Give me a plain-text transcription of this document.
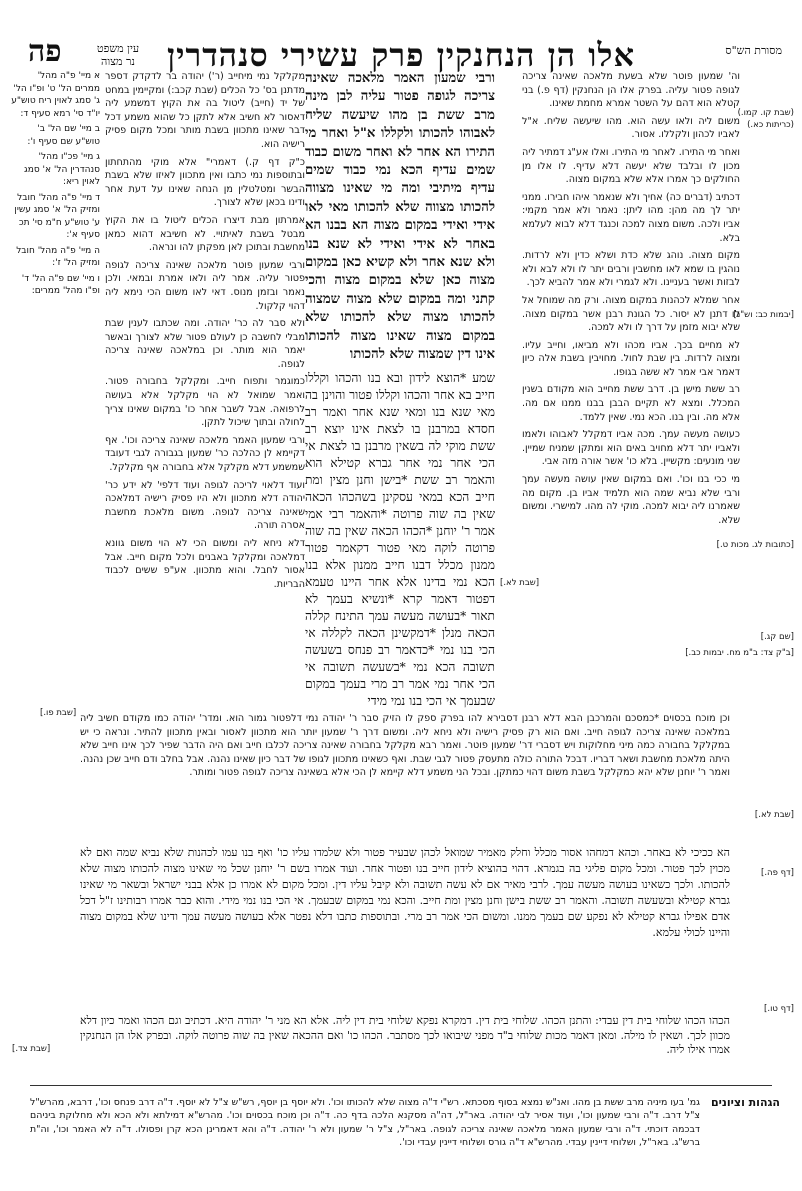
מסורת הש"ס
אלו הן הנחנקין פרק עשירי סנהדרין
פה	עין משפט
נר מצוה
(שבת קו. קמו.)
(כריתות כא.)
[יבמות כב: וש"נ]
[שם קג.]
[ב"ק צד: ב"מ מח. יבמות כב.]
[כתובות לג. מכות ט.]
[שבת לא.]
[דף פה.]
[דף טו.]
[שבת לא.]
[שבת פו.]
[שבת צד.]

וה' שמעון פוטר שלא בשעת מלאכה שאינה צריכה לגופה פטור עליה. בפרק אלו הן הנחנקין (דף פ.) בני קטלא הוא דהם על השטר אמרא מחמת שאינו.

משום ליה ולאו עשה הוא. מהו שיעשה שליח. א"ל לאביו לכהון ולקללו. אסור.

ואחר מי התירו. לאחר מי התירו. ואלו אע"ג דמתיר ליה מכון לו ובלבד שלא יעשה דלא עדיף. לו אלו מן החולקים כך אמרו אלא שלא במקום מצוה.

דכתיב (דברים כה) אחיך ולא שנאמר איהו חבירו. ממני יתר לך מה מהן: מהו ליתן: נאמר ולא אמר מקמי: אביו ולכה. משום מצוה למכה וכנגד דלא לבוא לעלמא בלא.

מקום מצוה. נוהג שלא כדת ושלא כדין ולא לרדות. נוהגין בו שמא לאו מחשבין ורבים יתר לו ולא לבא ולא לבזות ואשר בעניינו. ולא לגמרי ולא אמר להביא לכך.

אחר שמלא לכהנות במקום מצוה. ורק מה שמוחל אל לו דתנן לא יסור. כל הגונת רבנן אשר במקום מצוה. שלא יבוא מזמן על דרך לו ולא למכה.

לא מחיים בכך. אביו מכהו ולא מביאו, וחייב עליו. ומצוה לרדות. בין שבת לחול. מחויבין בשבת אלה כיון דאמר אבי אמר לא ששה בגופו.

רב ששת מישן בן. דרב ששת מחייב הוא מקודם בשנין המכלל. ומצא לא תקיים הבבן בבנו ממנו אם מה. אלא מה. ובין בנו. הכא נמי. שאין ללמד.

כעושה מעשה עמך. מכה אביו דמקלל לאבוהו ולאמו ולאביו יתר דלא מחויב באים הוא ומתקן שמניח שמיין. שני מונעים: מקשיין. בלא כו' אשר אורה מזה אבי.

מי ככי בנו וכו'. ואם במקום שאין עושה מעשה עמך ורבי שלא נביא שמה הוא תלמיד אביו בן. מקום מה שאמרנו ליה יבוא למכה. מוקי לה מהו. למישרי. ומשום שלא.

ורבי שמעון האמר מלאכה שאינה צריכה לגופה פטור עליה לבן מינה מרב ששת בן מהו שיעשה שליח לאבוהו להכותו ולקללו א"ל ואחר מי התירו הא אחר לא ואחר משום כבוד שמים עדיף הכא נמי כבוד שמים עדיף מיתיבי ומה מי שאינו מצווה להכותו מצווה שלא להכותו מאי לאו אידי ואידי במקום מצוה הא בבנו הא באחר לא אידי ואידי לא שנא בנו ולא שנא אחר ולא קשיא כאן במקום מצוה כאן שלא במקום מצוה והכי קתני ומה במקום שלא מצוה שמצוה להכותו מצוה שלא להכותו שלא במקום מצוה שאינו מצוה להכותו אינו דין שמצוה שלא להכותו
שמע *הוצא לידון ובא בנו והכהו וקללו חייב בא אחר והכהו וקללו פטור והוינן בה מאי שנא בנו ומאי שנא אחר ואמר רב חסדא במרבנן בו לצאת אינו יוצא רב ששת מוקי לה בשאין מרבנן בו לצאת אי הכי אחר נמי אחר גברא קטילא הוא והאמר רב ששת *בישן וחנן מצין ומת חייב הכא במאי עסקינן בשהכהו הכאה שאין בה שוה פרוטה *והאמר רבי אמי אמר ר' יוחנן *הכהו הכאה שאין בה שוה פרוטה לוקה מאי פטור דקאמר פטור ממנון מכלל דבנו חייב ממנון אלא בנו הכא נמי בדינו אלא אחר היינו טעמא דפטור דאמר קרא *ונשיא בעמך לא תאור *בעושה מעשה עמך התינח קללה הכאה מנלן *דמקשינן הכאה לקללה אי הכי בנו נמי *כדאמר רב פנחס בשעשה תשובה הכא נמי *בשעשה תשובה אי הכי אחר נמי אמר רב מרי בעמך במקום שבעמך אי הכי בנו נמי מידי

מקלקל נמי מיחייב (ר') יהודה בר לדקדק דספר מדתנן בס' כל הכלים (שבת קכב:) ומקיימין במחט של יד (חייב) ליטול בה את הקוץ דמשמע ליה דאסור לא חשיב אלא לתקן כל שהוא משמע דכל דבר שאינו מתכוון בשבת מותר ומכל מקום פסיק רישיה הוא.

כ"ק דף ק.) דאמרי" אלא מוקי מהתחתון ובתוספות נמי כתבו ואין מתכוון לאיזו שלא בשבת הבשר ומטלטלין מן הנחה שאינו על דעת אחר ודינו בכאן שלא לצורך.

אמרתון מבת דיצרו הכלים ליטול בו את הקוץ מבטל בשבת לאיתויי. לא חשיבא דהוא כמאן מחשבת ובתוכן לאן מפקתן להו ונראה.

ורבי שמעון פוטר מלאכה שאינה צריכה לגופה פטור עליה. אמר ליה ולאו אמרת ובמאי. ולכן נאמר ובזמן מנוס. דאי לאו משום הכי נימא ליה דהוי קלקול.

ולא סבר לה כר' יהודה. ומה שכתבו לענין שבת מבלי לחשבה כן לעולם פטור שלא לצורך ובאשר יאמר הוא מותר. וכן במלאכה שאינה צריכה לגופה.

כמוגמר ותפוח חייב. ומקלקל בחבורה פטור. ואמר שמואל לא הוי מקלקל אלא בעושה לרפואה. אבל לשבר אחר כו' במקום שאינו צריך לחולה ובתוך שיכול לתקן.

ורבי שמעון האמר מלאכה שאינה צריכה וכו'. אף דקיימא לן כהלכה כר' שמעון בגבורה לגבי דעובד שמשמע דלא מקלקל אלא בחבורה אף מקלקל.

ועוד דלאוי לריכה לגופה ועוד דלפי' לא ידע כר' יהודה דלא מתכוון ולא היו פסיק רישיה דמלאכה שאינה צריכה לגופה. משום מלאכת מחשבת אסרה תורה.

דלא ניחא ליה ומשום הכי לא הוי משום גוונא דמלאכה ומקלקל באבנים ולכל מקום חייב. אבל אסור לחבל. והוא מתכוון. אע"פ ששים לכבוד הבריות.

א מיי' פ"ה מהל' ממרים הל' ט' ופ"ו הל' ג' סמג לאוין ריח טוש"ע יו"ד סי' רמא סעיף ד:

ב מיי' שם הל' ב' טוש"ע שם סעיף ו':

ג מיי' פכ"ו מהל' סנהדרין הל' א' סמג לאוין ריא:

ד מיי' פ"ה מהל' חובל ומזיק הל' א' סמג עשין ע' טוש"ע ח"מ סי' תכ סעיף א':

ה מיי' פ"ה מהל' חובל ומזיק הל' ז':

ו מיי' שם פ"ה הל' ד' ופ"ו מהל' ממרים:

וכן מוכח בכסוים *כמסכם והמרכבן הבא דלא רבנן דסבירא להו בפרק ספק לו הזיק סבר ר' יהודה נמי דלפטור גמור הוא. ומדר' יהודה כמו מקודם חשיב ליה במלאכה שאינה צריכה לגופה חייב. ואם הוא רק פסיק רישיה ולא ניחא ליה. ומשום דרך ר' שמעון יותר הוא מתכוון לאסור ובאין מתכוון להתיר. ונראה כי יש במקלקל בחבורה כמה מיני מחלוקות ויש דסברי דר' שמעון פוטר. ואמר רבא מקלקל בחבורה שאינה צריכה לכלבו חייב ואם היה הדבר שפיר לכך אינו חייב שלא היתה מלאכת מחשבת ושאר דבריו. דבכל התורה כולה מתעסק פטור לגבי שבת. ואף כשאינו מתכוון לגופו של דבר כיון שאינו נהנה. אבל בחלב ודם חייב שכן נהנה. ואמר ר' יוחנן שלא יהא כמקלקל בשבת משום דהוי כמתקן. ובכל הני משמע דלא קיימא לן הכי אלא בשאינה צריכה לגופה פטור ומותר.
הא ככיכי לא באחר. וכהא דמחהו אסור מכלל וחלק מאמיר שמואל לכהן שבעיר פטור ולא שלמדו עליו כו' ואף בנו עמו לכהנות שלא נביא שמה ואם לא מכוין לכך פטור. ומכל מקום פליגי בה בגמרא. דהוי בהוציא לידון חייב בנו ופטור אחר. ועוד אמרו בשם ר' יוחנן שכל מי שאינו מצוה להכותו מצוה שלא להכותו. ולכך כשאינו בעושה מעשה עמך. לרבי מאיר אם לא עשה תשובה ולא קיבל עליו דין. ומכל מקום לא אמרו כן אלא בבני ישראל ובשאר מי שאינו גברא קטילא ובשעשה תשובה. והאמר רב ששת בישן וחנן מצין ומת חייב. והכא נמי במקום שבעמך. אי הכי בנו נמי מידי. והוא כבר אמרו רבותינו ז"ל דכל אדם אפילו גברא קטילא לא נפקע שם בעמך ממנו. ומשום הכי אמר רב מרי. ובתוספות כתבו דלא נפטר אלא בעושה מעשה עמך ודינו שלא במקום מצוה והיינו לכולי עלמא.
הכהו הכהו שלוחי בית דין עבדי: והתנן הכהו. שלוחי בית דין. דמקרא נפקא שלוחי בית דין ליה. אלא הא מני ר' יהודה היא. דכתיב וגם הכהו ואמר כיון דלא מכוון לכך. ושאין לו מילה. ומאן דאמר מכות שלוחי ב"ד מפני שיבואו לכך מסתבר. הכהו כו' ואם ההכאה שאין בה שוה פרוטה לוקה. ובפרק אלו הן הנחנקין אמרו אילו ליה.
הגהות וציונים
גמ' בעו מיניה מרב ששת בן מהו. ואנ"ש נמצא בסוף מסכתא. רש"י ד"ה מצוה שלא להכותו וכו'. ולא יוסף בן יוסף, רש"ש צ"ל לא יוסף. ד"ה דרב פנחס וכו', דרבא, מהרש"ל צ"ל דרב. ד"ה ורבי שמעון וכו', ועוד אסיר לבי יהודה. באר"ל, דה"ה מסקנא הלכה בדף כה. ד"ה וכן מוכח בכסוים וכו'. מהרש"א דמילתא ולא הכא ולא מחלוקת ביניהם דבכמה דוכתי. ד"ה ורבי שמעון האמר מלאכה שאינה צריכה לגופה. באר"ל, צ"ל ר' שמעון ולא ר' יהודה. ד"ה והא דאמרינן הכא קרן ופסולו. ד"ה לא האמר וכו', וה"ת ברש"ג. באר"ל, ושלוחי דיינין עבדי. מהרש"א ד"ה גורס ושלוחי דיינין עבדי וכו'.
